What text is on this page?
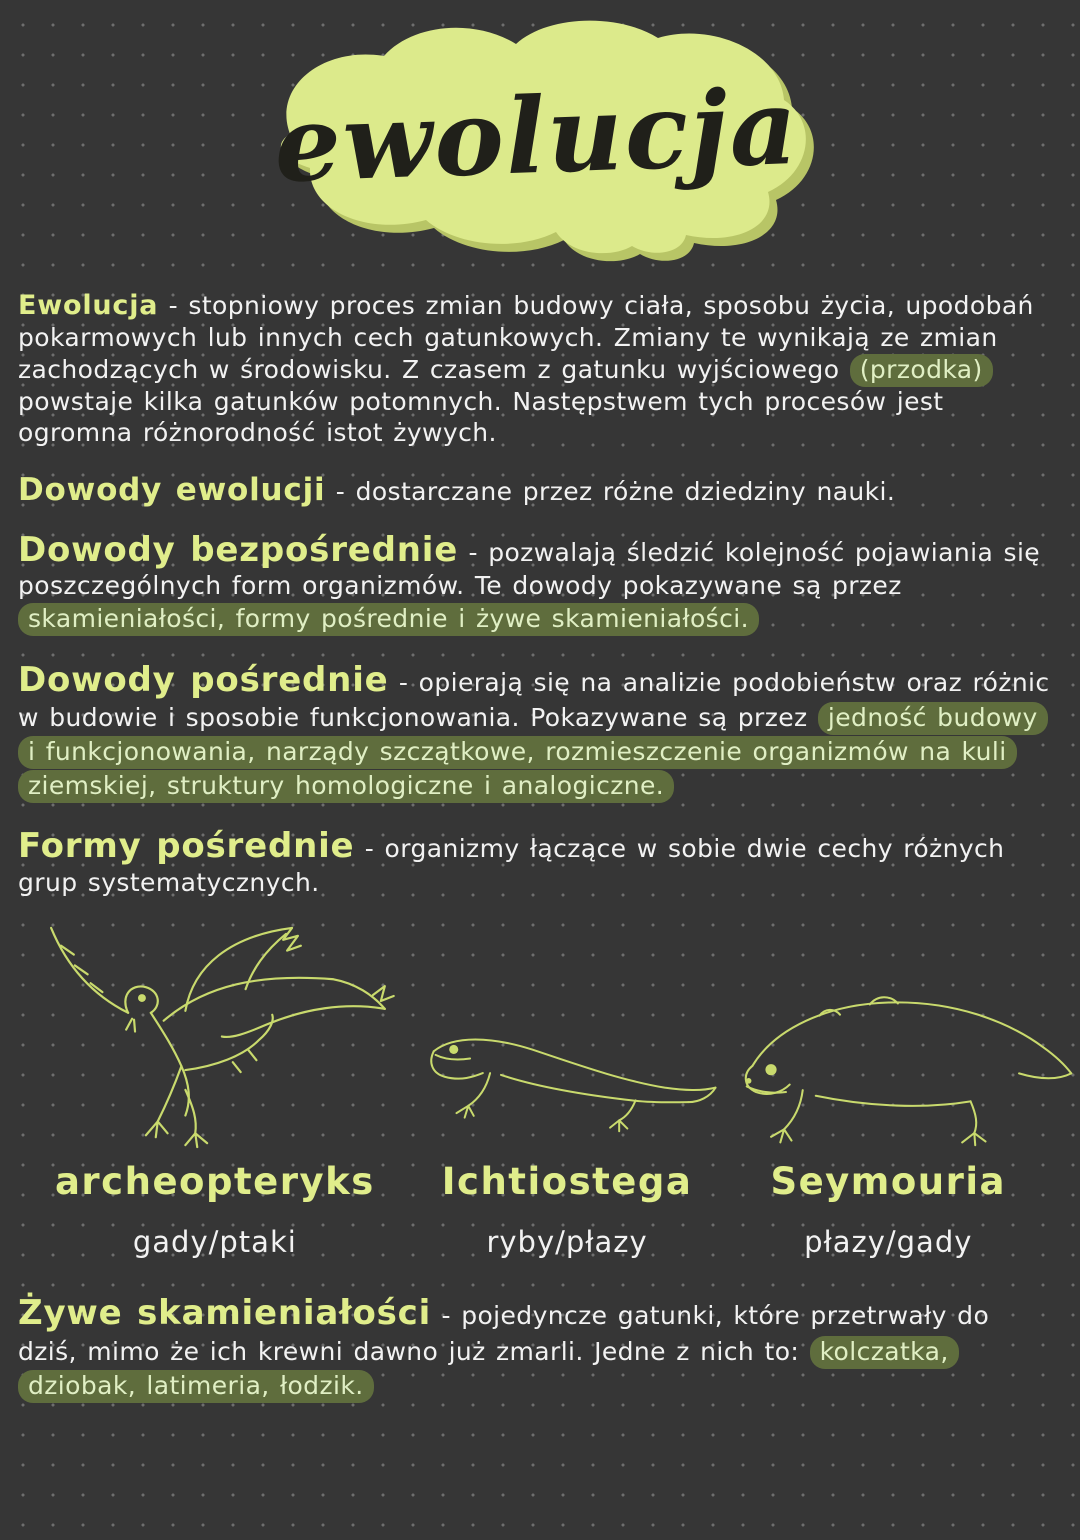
ewolucja

Ewolucja - stopniowy proces zmian budowy ciała, sposobu życia, upodobań pokarmowych lub innych cech gatunkowych. Zmiany te wynikają ze zmian zachodzących w środowisku. Z czasem z gatunku wyjściowego (przodka) powstaje kilka gatunków potomnych. Następstwem tych procesów jest ogromna różnorodność istot żywych.

Dowody ewolucji - dostarczane przez różne dziedziny nauki.

Dowody bezpośrednie - pozwalają śledzić kolejność pojawiania się poszczególnych form organizmów. Te dowody pokazywane są przez skamieniałości, formy pośrednie i żywe skamieniałości.

Dowody pośrednie - opierają się na analizie podobieństw oraz różnic w budowie i sposobie funkcjonowania. Pokazywane są przez jedność budowy i funkcjonowania, narządy szczątkowe, rozmieszczenie organizmów na kuli ziemskiej, struktury homologiczne i analogiczne.

Formy pośrednie - organizmy łączące w sobie dwie cechy różnych grup systematycznych.

archeopteryks	Ichtiostega	Seymouria
gady/ptaki	ryby/płazy	płazy/gady

Żywe skamieniałości - pojedyncze gatunki, które przetrwały do dziś, mimo że ich krewni dawno już zmarli. Jedne z nich to: kolczatka, dziobak, latimeria, łodzik.
